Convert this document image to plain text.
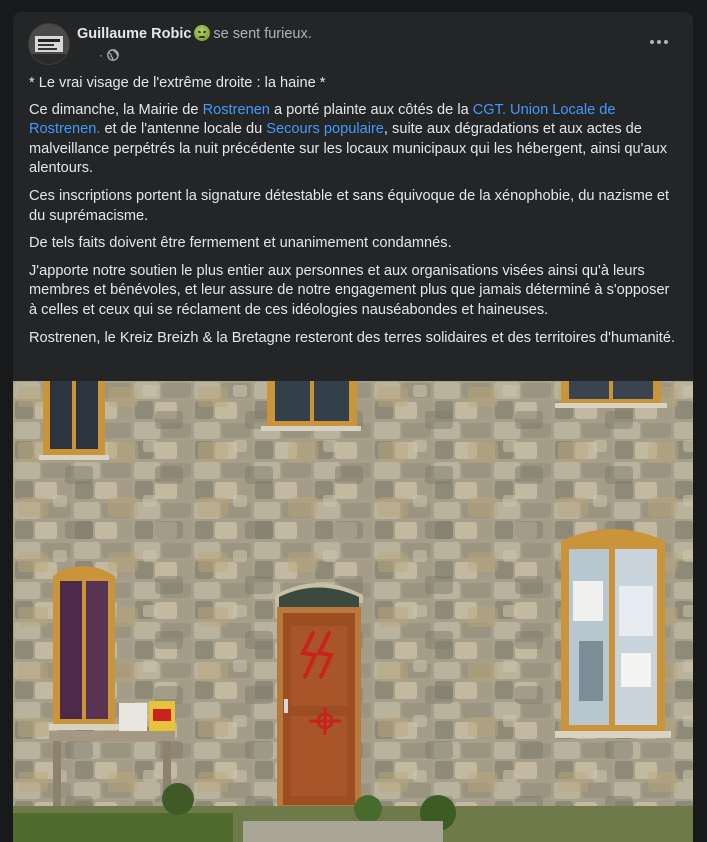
Guillaume Robic se sent furieux.
·

* Le vrai visage de l'extrême droite : la haine *

Ce dimanche, la Mairie de Rostrenen a porté plainte aux côtés de la CGT. Union Locale de Rostrenen. et de l'antenne locale du Secours populaire, suite aux dégradations et aux actes de malveillance perpétrés la nuit précédente sur les locaux municipaux qui les hébergent, ainsi qu'aux alentours.

Ces inscriptions portent la signature détestable et sans équivoque de la xénophobie, du nazisme et du suprémacisme.

De tels faits doivent être fermement et unanimement condamnés.

J'apporte notre soutien le plus entier aux personnes et aux organisations visées ainsi qu'à leurs membres et bénévoles, et leur assure de notre engagement plus que jamais déterminé à s'opposer à celles et ceux qui se réclament de ces idéologies nauséabondes et haineuses.

Rostrenen, le Kreiz Breizh & la Bretagne resteront des terres solidaires et des territoires d'humanité.
